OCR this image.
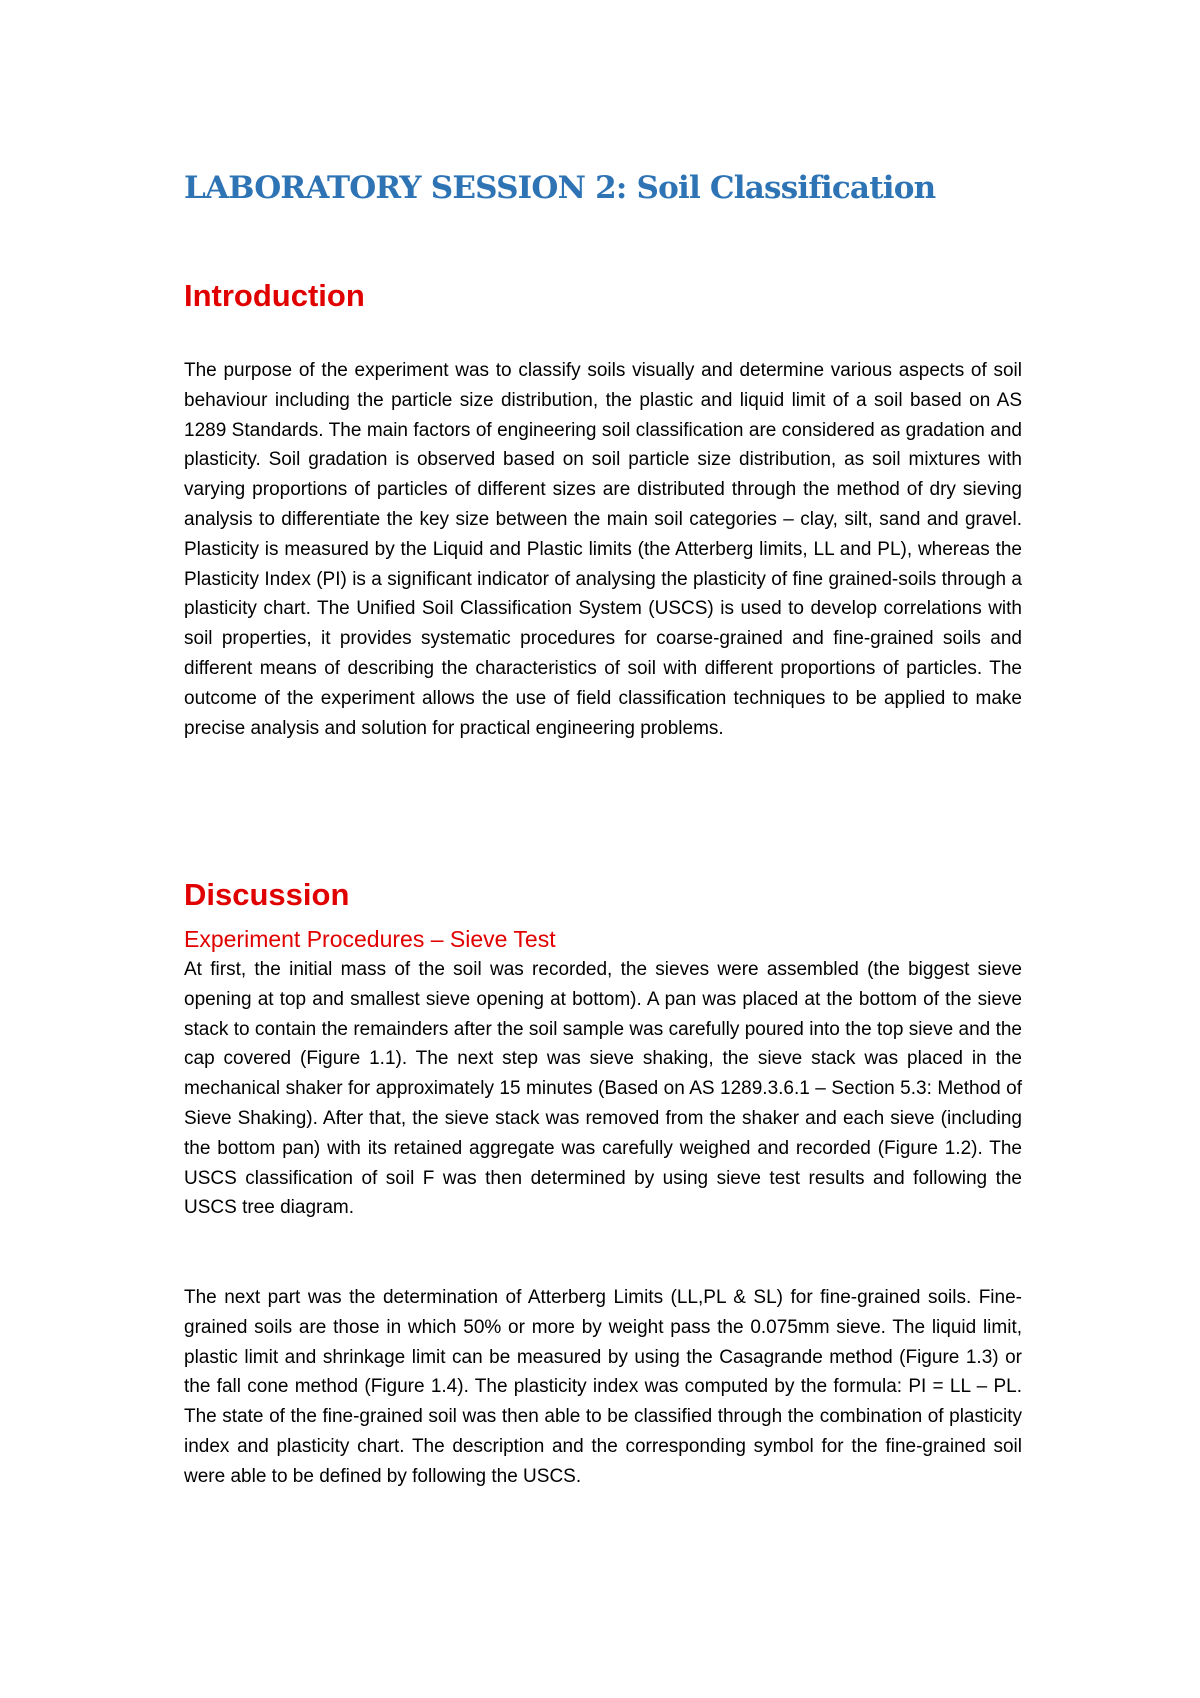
LABORATORY SESSION 2: Soil Classification
Introduction

The purpose of the experiment was to classify soils visually and determine various aspects of soil behaviour including the particle size distribution, the plastic and liquid limit of a soil based on AS 1289 Standards. The main factors of engineering soil classification are considered as gradation and plasticity. Soil gradation is observed based on soil particle size distribution, as soil mixtures with varying proportions of particles of different sizes are distributed through the method of dry sieving analysis to differentiate the key size between the main soil categories – clay, silt, sand and gravel. Plasticity is measured by the Liquid and Plastic limits (the Atterberg limits, LL and PL), whereas the Plasticity Index (PI) is a significant indicator of analysing the plasticity of fine grained-soils through a plasticity chart. The Unified Soil Classification System (USCS) is used to develop correlations with soil properties, it provides systematic procedures for coarse-grained and fine-grained soils and different means of describing the characteristics of soil with different proportions of particles. The outcome of the experiment allows the use of field classification techniques to be applied to make precise analysis and solution for practical engineering problems.

Discussion
Experiment Procedures – Sieve Test

At first, the initial mass of the soil was recorded, the sieves were assembled (the biggest sieve opening at top and smallest sieve opening at bottom). A pan was placed at the bottom of the sieve stack to contain the remainders after the soil sample was carefully poured into the top sieve and the cap covered (Figure 1.1). The next step was sieve shaking, the sieve stack was placed in the mechanical shaker for approximately 15 minutes (Based on AS 1289.3.6.1 – Section 5.3: Method of Sieve Shaking). After that, the sieve stack was removed from the shaker and each sieve (including the bottom pan) with its retained aggregate was carefully weighed and recorded (Figure 1.2). The USCS classification of soil F was then determined by using sieve test results and following the USCS tree diagram.

The next part was the determination of Atterberg Limits (LL,PL & SL) for fine-grained soils. Fine-grained soils are those in which 50% or more by weight pass the 0.075mm sieve. The liquid limit, plastic limit and shrinkage limit can be measured by using the Casagrande method (Figure 1.3) or the fall cone method (Figure 1.4). The plasticity index was computed by the formula: PI = LL – PL. The state of the fine-grained soil was then able to be classified through the combination of plasticity index and plasticity chart. The description and the corresponding symbol for the fine-grained soil were able to be defined by following the USCS.
